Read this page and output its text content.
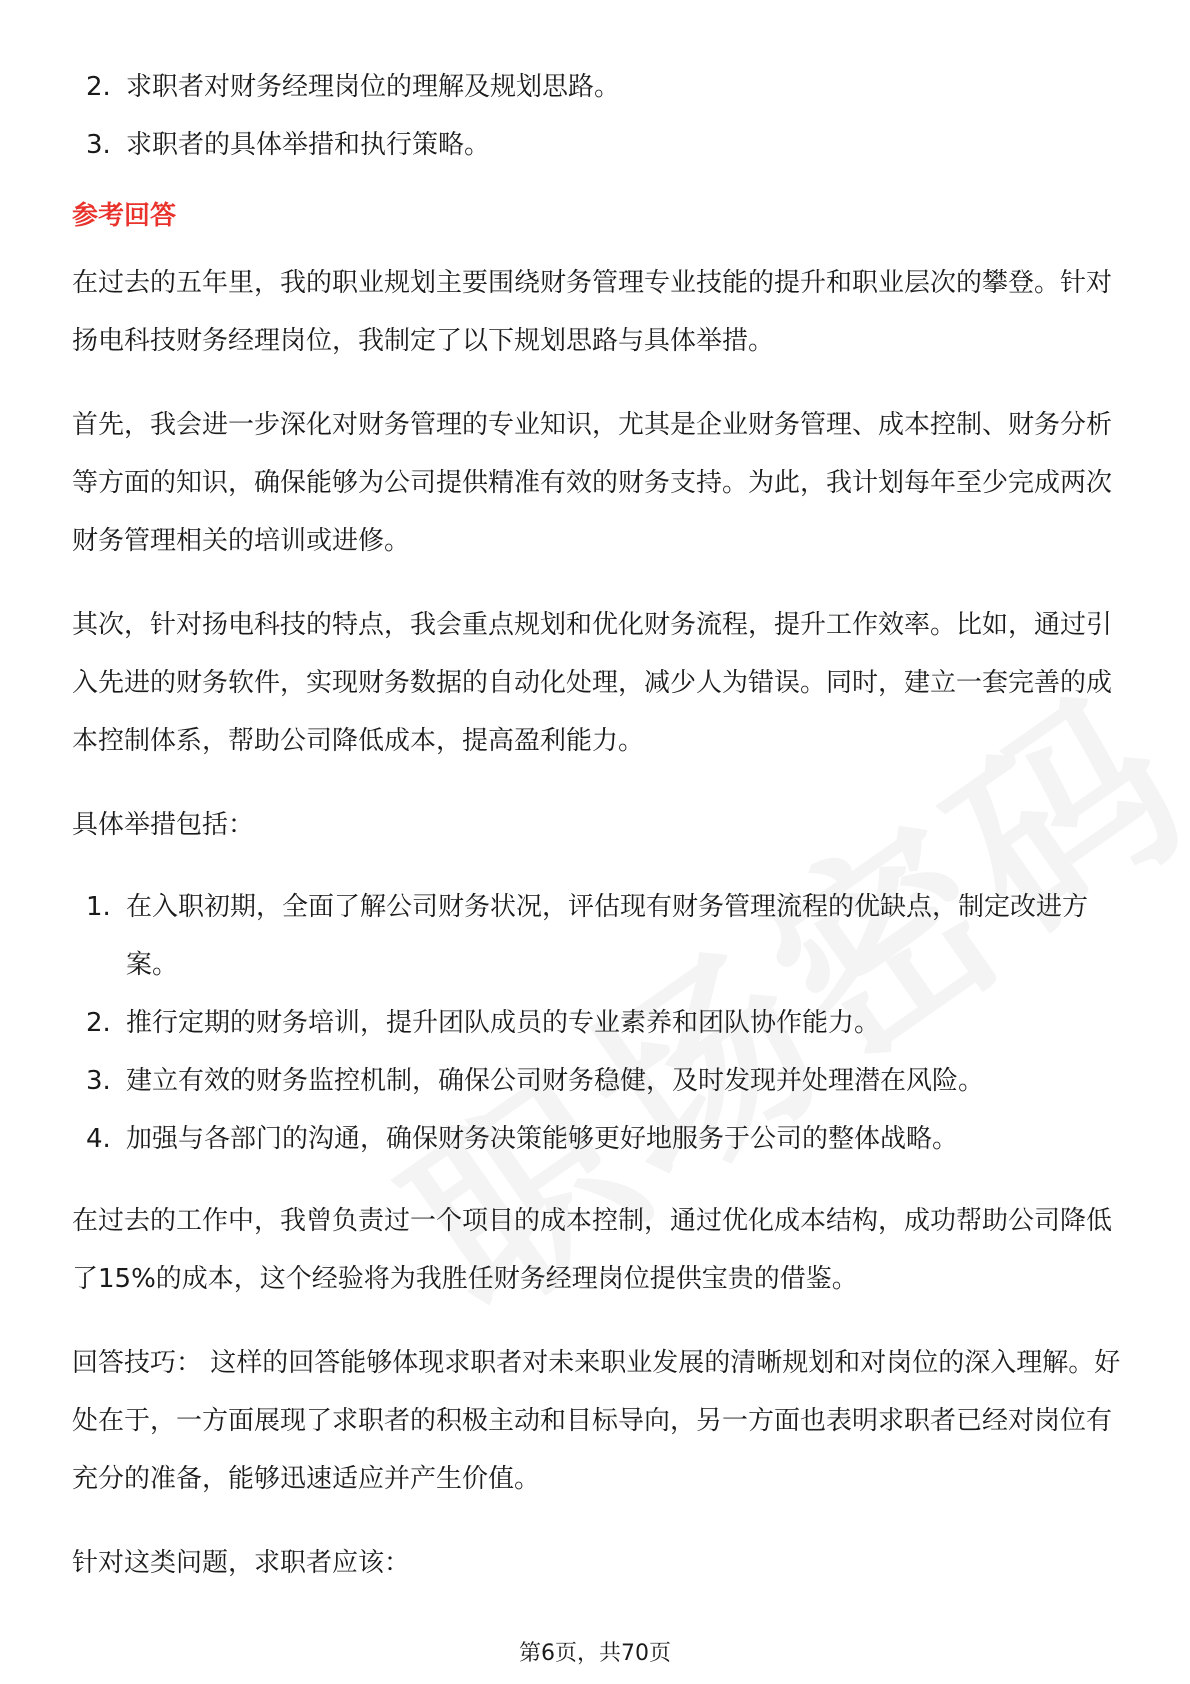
2. 求职者对财务经理岗位的理解及规划思路。
3. 求职者的具体举措和执行策略。
参考回答

在过去的五年里，我的职业规划主要围绕财务管理专业技能的提升和职业层次的攀登。针对扬电科技财务经理岗位，我制定了以下规划思路与具体举措。

首先，我会进一步深化对财务管理的专业知识，尤其是企业财务管理、成本控制、财务分析等方面的知识，确保能够为公司提供精准有效的财务支持。为此，我计划每年至少完成两次财务管理相关的培训或进修。

其次，针对扬电科技的特点，我会重点规划和优化财务流程，提升工作效率。比如，通过引入先进的财务软件，实现财务数据的自动化处理，减少人为错误。同时，建立一套完善的成本控制体系，帮助公司降低成本，提高盈利能力。

具体举措包括：

1. 在入职初期，全面了解公司财务状况，评估现有财务管理流程的优缺点，制定改进方案。
2. 推行定期的财务培训，提升团队成员的专业素养和团队协作能力。
3. 建立有效的财务监控机制，确保公司财务稳健，及时发现并处理潜在风险。
4. 加强与各部门的沟通，确保财务决策能够更好地服务于公司的整体战略。

在过去的工作中，我曾负责过一个项目的成本控制，通过优化成本结构，成功帮助公司降低了15%的成本，这个经验将为我胜任财务经理岗位提供宝贵的借鉴。

回答技巧： 这样的回答能够体现求职者对未来职业发展的清晰规划和对岗位的深入理解。好处在于，一方面展现了求职者的积极主动和目标导向，另一方面也表明求职者已经对岗位有充分的准备，能够迅速适应并产生价值。

针对这类问题，求职者应该：

第6页，共70页
